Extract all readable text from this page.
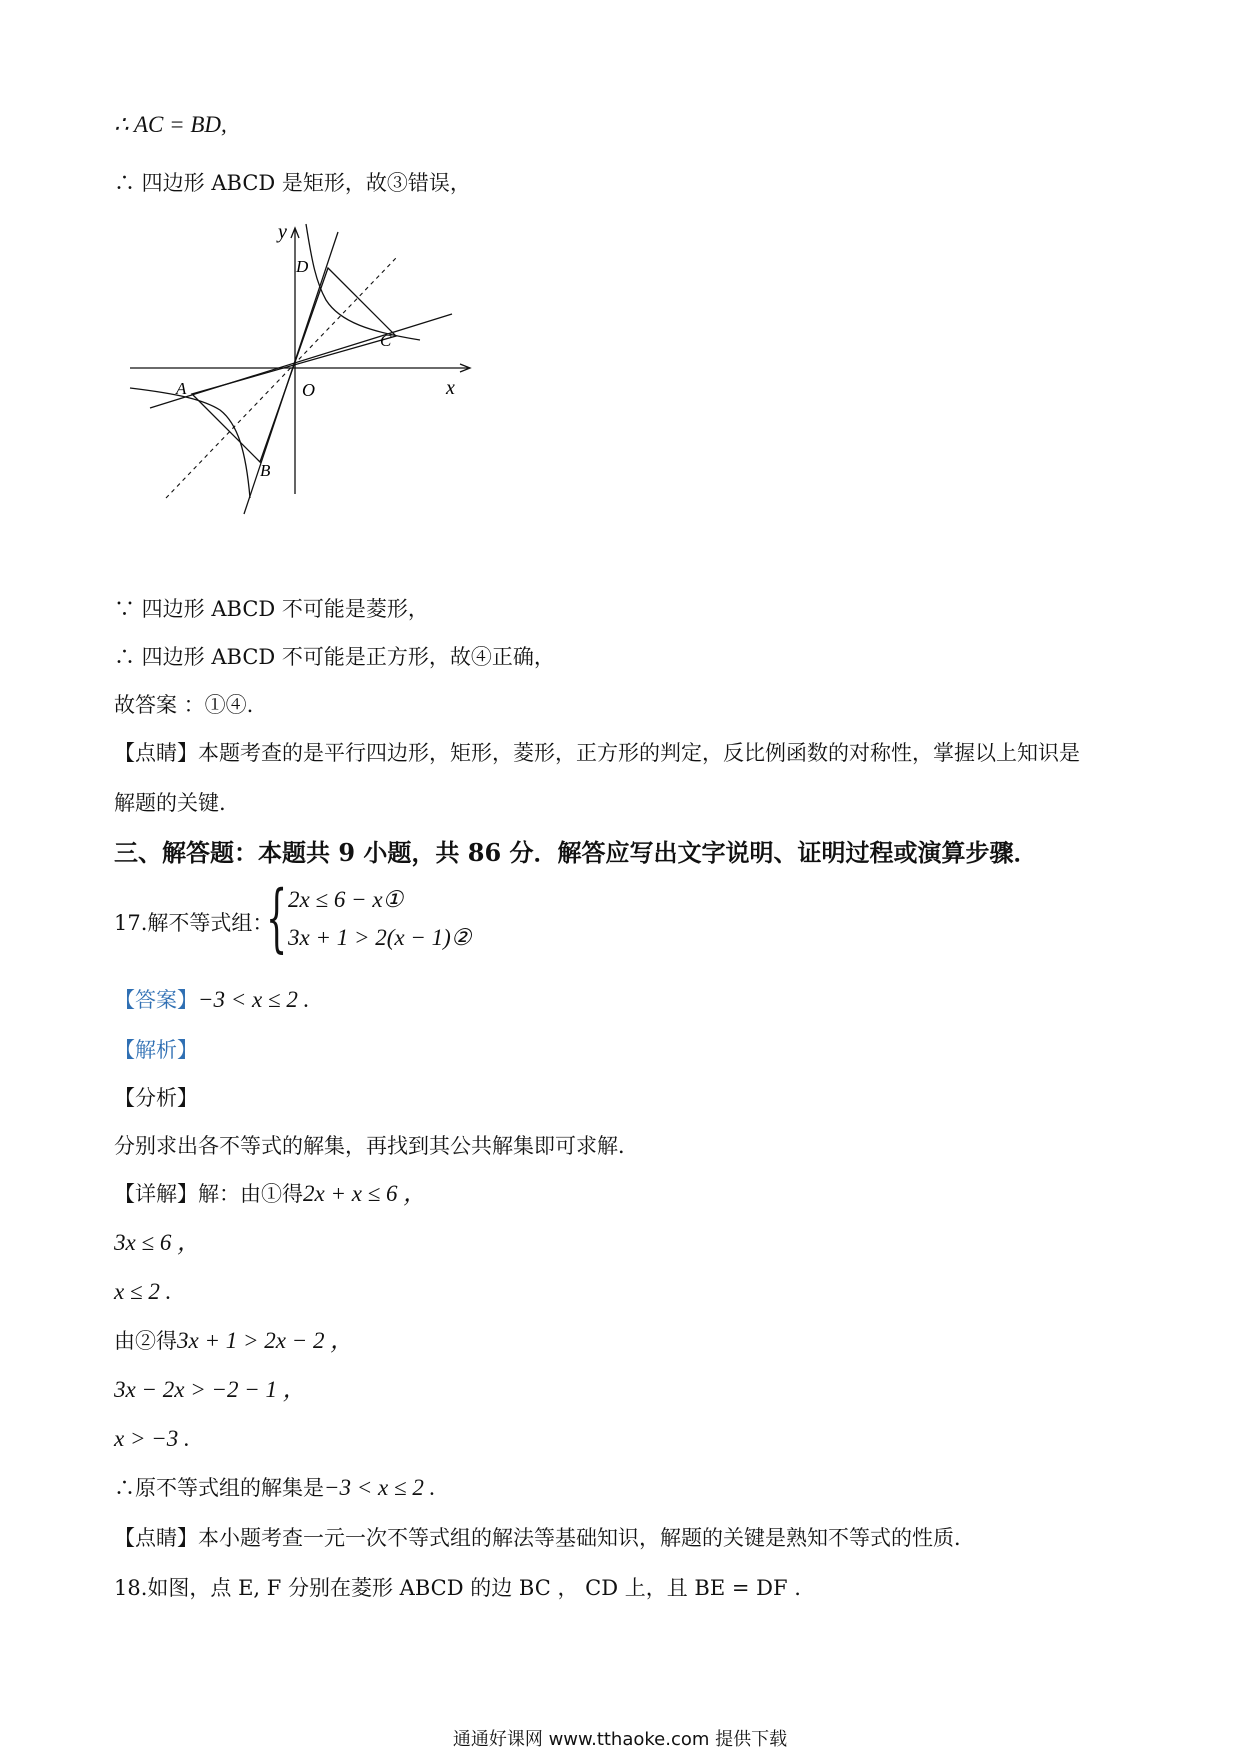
∴ AC = BD,
∴ 四边形 ABCD 是矩形，故③错误，
y
x
O
A
B
C
D
∵ 四边形 ABCD 不可能是菱形，
∴ 四边形 ABCD 不可能是正方形，故④正确，
故答案 ：①④.
【点睛】本题考查的是平行四边形，矩形，菱形，正方形的判定，反比例函数的对称性，掌握以上知识是
解题的关键.
三、解答题：本题共 9 小题，共 86 分．解答应写出文字说明、证明过程或演算步骤．
17.解不等式组：
{ 2x ≤ 6 − x①
3x + 1 > 2(x − 1)②
【答案】−3 < x ≤ 2 .
【解析】
【分析】
分别求出各不等式的解集，再找到其公共解集即可求解．
【详解】解：由①得2x + x ≤ 6 ，
3x ≤ 6 ，
x ≤ 2 .
由②得3x + 1 > 2x − 2 ，
3x − 2x > −2 − 1 ，
x > −3 .
∴原不等式组的解集是−3 < x ≤ 2 .
【点睛】本小题考查一元一次不等式组的解法等基础知识，解题的关键是熟知不等式的性质．
18.如图，点 E, F 分别在菱形 ABCD 的边 BC ， CD 上，且 BE = DF .
通通好课网 www.tthaoke.com 提供下载
